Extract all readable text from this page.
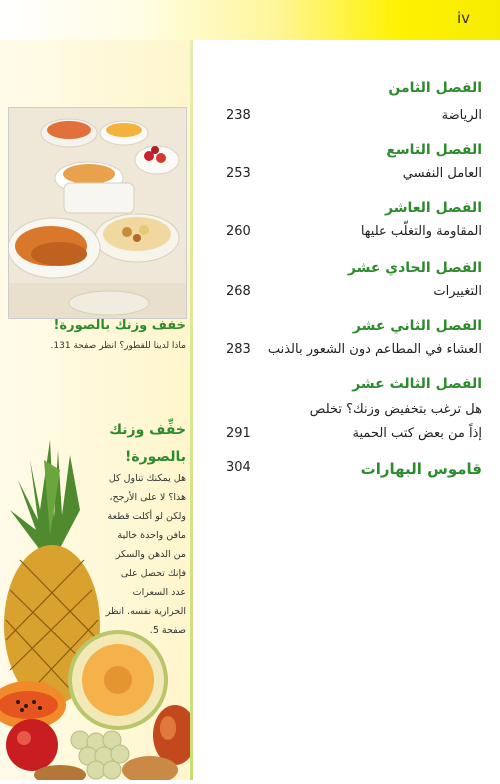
iv
خفف وزنك بالصورة!
ماذا لدينا للفطور؟ انظر صفحة 131.
خفِّف وزنك
بالصورة!
هل يمكنك تناول كل
هذا؟ لا على الأرجح،
ولكن لو أكلت قطعة
مافن واحدة خالية
من الدهن والسكر
فإنك تحصل على
عدد السعرات
الحرارية نفسه. انظر
صفحة 5.
الفصل الثامن
الرياضة
238
الفصل التاسع
العامل النفسي
253
الفصل العاشر
المقاومة والتغلّب عليها
260
الفصل الحادي عشر
التغييرات
268
الفصل الثاني عشر
العشاء في المطاعم دون الشعور بالذنب
283
الفصل الثالث عشر
هل ترغب بتخفيض وزنك؟ تخلص
إذاً من بعض كتب الحمية
291
قاموس البهارات
304
